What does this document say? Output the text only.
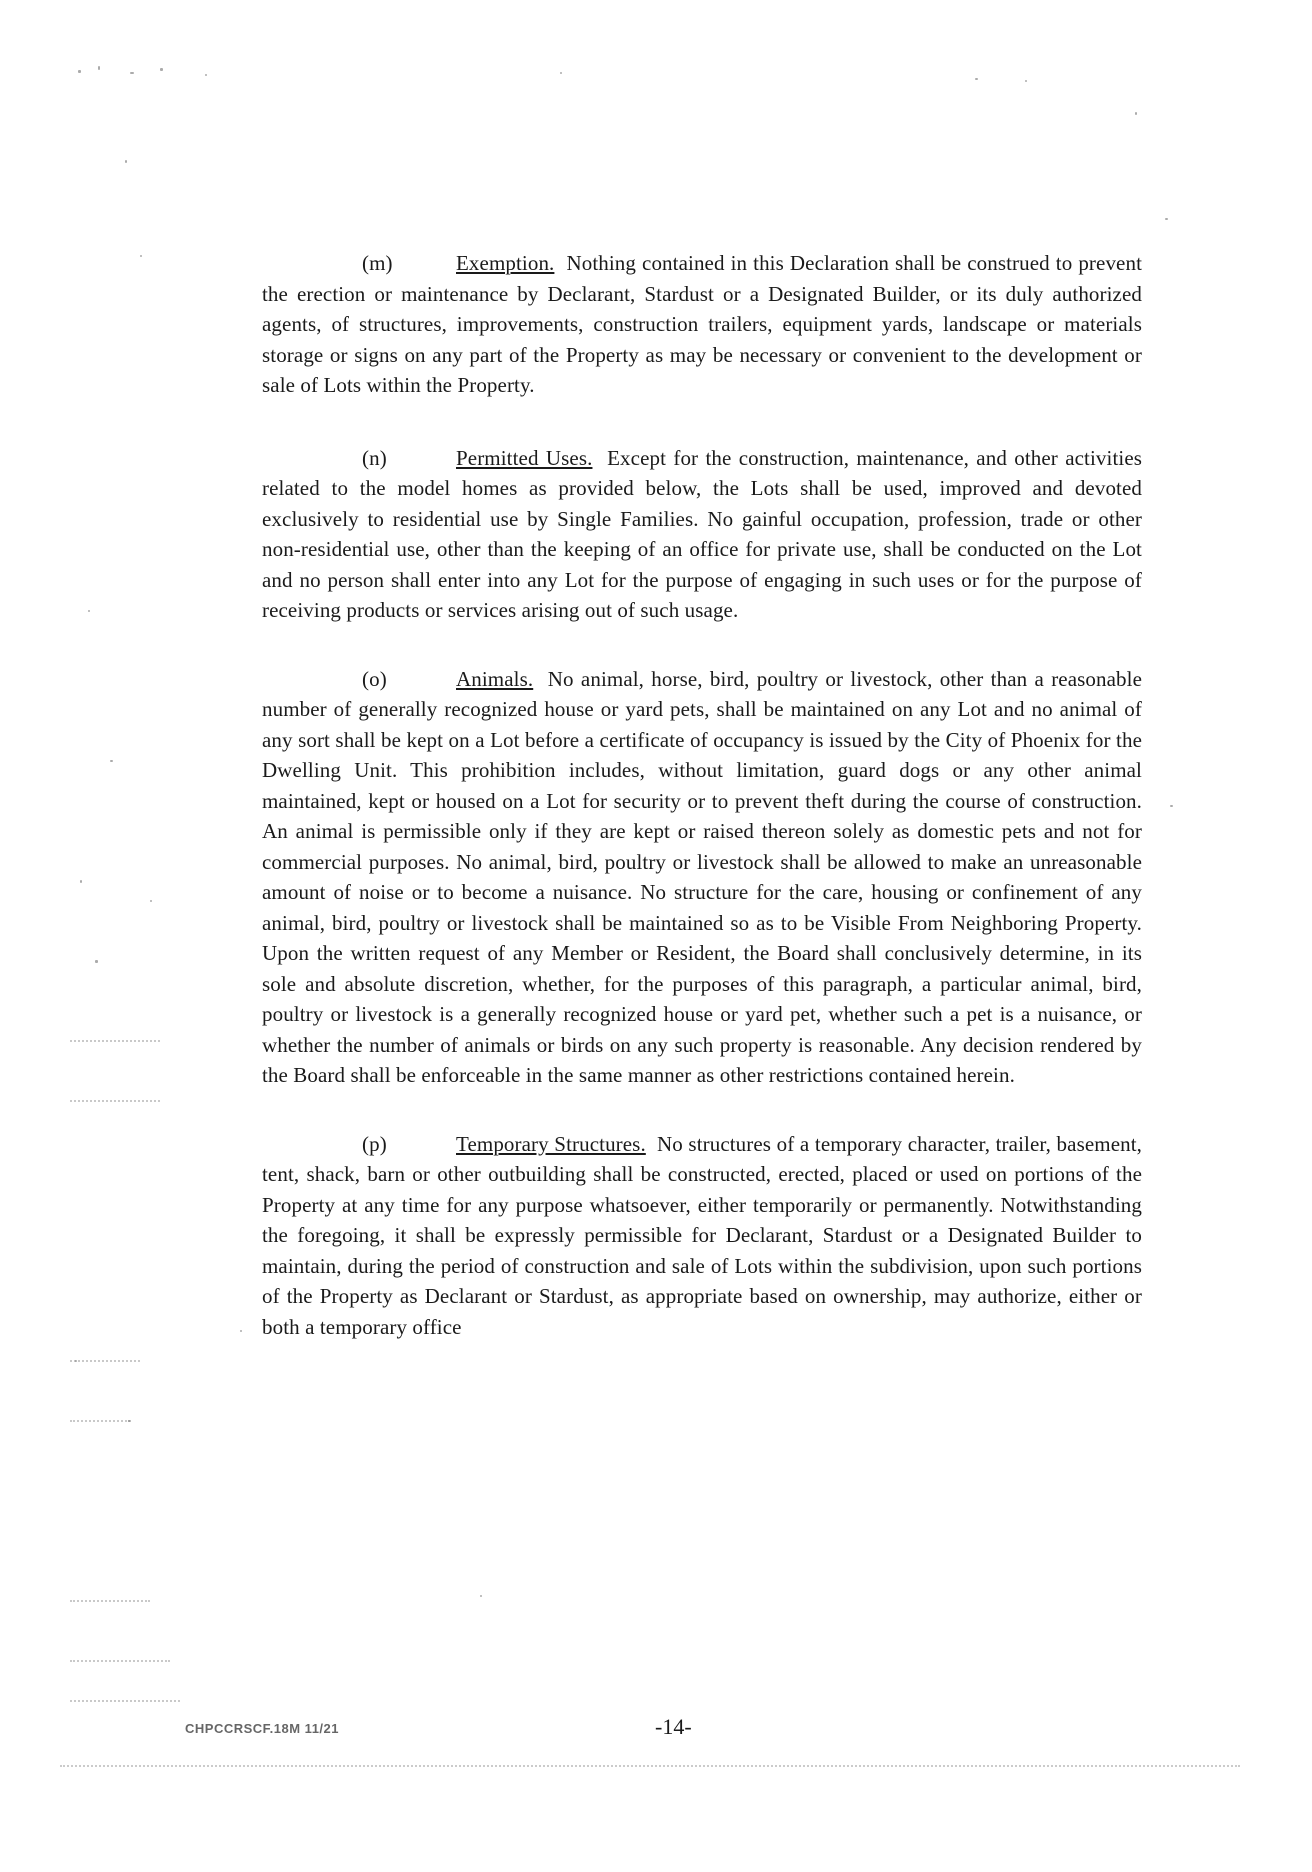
(m)	Exemption. Nothing contained in this Declaration shall be construed to prevent the erection or maintenance by Declarant, Stardust or a Designated Builder, or its duly authorized agents, of structures, improvements, construction trailers, equipment yards, landscape or materials storage or signs on any part of the Property as may be necessary or convenient to the development or sale of Lots within the Property.

(n)	Permitted Uses. Except for the construction, maintenance, and other activities related to the model homes as provided below, the Lots shall be used, improved and devoted exclusively to residential use by Single Families. No gainful occupation, profession, trade or other non-residential use, other than the keeping of an office for private use, shall be conducted on the Lot and no person shall enter into any Lot for the purpose of engaging in such uses or for the purpose of receiving products or services arising out of such usage.

(o)	Animals. No animal, horse, bird, poultry or livestock, other than a reasonable number of generally recognized house or yard pets, shall be maintained on any Lot and no animal of any sort shall be kept on a Lot before a certificate of occupancy is issued by the City of Phoenix for the Dwelling Unit. This prohibition includes, without limitation, guard dogs or any other animal maintained, kept or housed on a Lot for security or to prevent theft during the course of construction. An animal is permissible only if they are kept or raised thereon solely as domestic pets and not for commercial purposes. No animal, bird, poultry or livestock shall be allowed to make an unreasonable amount of noise or to become a nuisance. No structure for the care, housing or confinement of any animal, bird, poultry or livestock shall be maintained so as to be Visible From Neighboring Property. Upon the written request of any Member or Resident, the Board shall conclusively determine, in its sole and absolute discretion, whether, for the purposes of this paragraph, a particular animal, bird, poultry or livestock is a generally recognized house or yard pet, whether such a pet is a nuisance, or whether the number of animals or birds on any such property is reasonable. Any decision rendered by the Board shall be enforceable in the same manner as other restrictions contained herein.

(p)	Temporary Structures. No structures of a temporary character, trailer, basement, tent, shack, barn or other outbuilding shall be constructed, erected, placed or used on portions of the Property at any time for any purpose whatsoever, either temporarily or permanently. Notwithstanding the foregoing, it shall be expressly permissible for Declarant, Stardust or a Designated Builder to maintain, during the period of construction and sale of Lots within the subdivision, upon such portions of the Property as Declarant or Stardust, as appropriate based on ownership, may authorize, either or both a temporary office

CHPCCRSCF.18M 11/21	-14-
